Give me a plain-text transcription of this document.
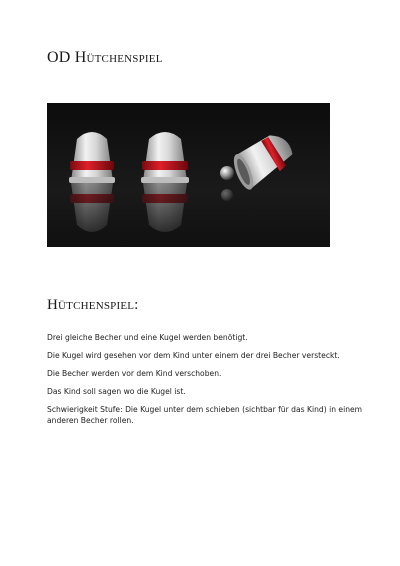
OD Hütchenspiel
Hütchenspiel:

Drei gleiche Becher und eine Kugel werden benötigt.

Die Kugel wird gesehen vor dem Kind unter einem der drei Becher versteckt.

Die Becher werden vor dem Kind verschoben.

Das Kind soll sagen wo die Kugel ist.

Schwierigkeit Stufe: Die Kugel unter dem schieben (sichtbar für das Kind) in einem anderen Becher rollen.
